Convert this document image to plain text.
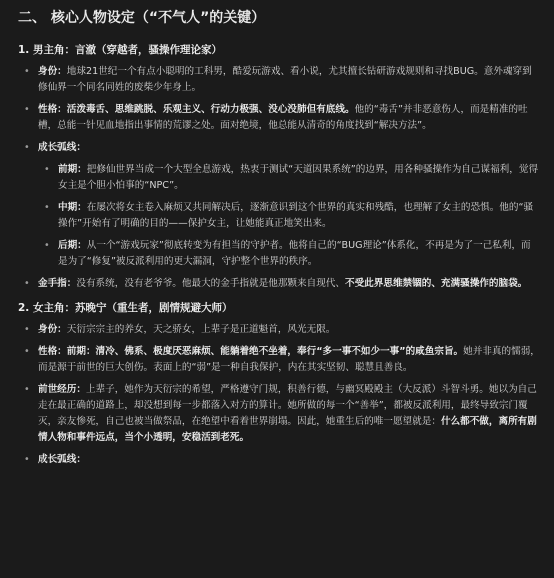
二、 核心人物设定（“不气人”的关键）
1. 男主角：言澈（穿越者，骚操作理论家）
• 身份：地球21世纪一个有点小聪明的工科男，酷爱玩游戏、看小说，尤其擅长钻研游戏规则和寻找BUG。意外魂穿到修仙界一个同名同姓的废柴少年身上。
• 性格：活泼毒舌、思维跳脱、乐观主义、行动力极强、没心没肺但有底线。他的“毒舌”并非恶意伤人，而是精准的吐槽，总能一针见血地指出事情的荒谬之处。面对绝境，他总能从清奇的角度找到“解决方法”。
• 成长弧线：
• 前期：把修仙世界当成一个大型全息游戏，热衷于测试“天道因果系统”的边界，用各种骚操作为自己谋福利，觉得女主是个胆小怕事的“NPC”。
• 中期：在屡次将女主卷入麻烦又共同解决后，逐渐意识到这个世界的真实和残酷，也理解了女主的恐惧。他的“骚操作”开始有了明确的目的——保护女主，让她能真正地笑出来。
• 后期：从一个“游戏玩家”彻底转变为有担当的守护者。他将自己的“BUG理论”体系化，不再是为了一己私利，而是为了“修复”被反派利用的更大漏洞，守护整个世界的秩序。
• 金手指：没有系统，没有老爷爷。他最大的金手指就是他那颗来自现代、不受此界思维禁锢的、充满骚操作的脑袋。
2. 女主角：苏晚宁（重生者，剧情规避大师）
• 身份：天衍宗宗主的养女，天之骄女，上辈子是正道魁首，风光无限。
• 性格：前期：清冷、佛系、极度厌恶麻烦、能躺着绝不坐着，奉行“多一事不如少一事”的咸鱼宗旨。她并非真的懦弱，而是源于前世的巨大创伤。表面上的“弱”是一种自我保护，内在其实坚韧、聪慧且善良。
• 前世经历：上辈子，她作为天衍宗的希望，严格遵守门规，积善行德，与幽冥殿殿主（大反派）斗智斗勇。她以为自己走在最正确的道路上，却没想到每一步都落入对方的算计。她所做的每一个“善举”，都被反派利用，最终导致宗门覆灭，亲友惨死，自己也被当做祭品，在绝望中看着世界崩塌。因此，她重生后的唯一愿望就是：什么都不做，离所有剧情人物和事件远点，当个小透明，安稳活到老死。
• 成长弧线：
